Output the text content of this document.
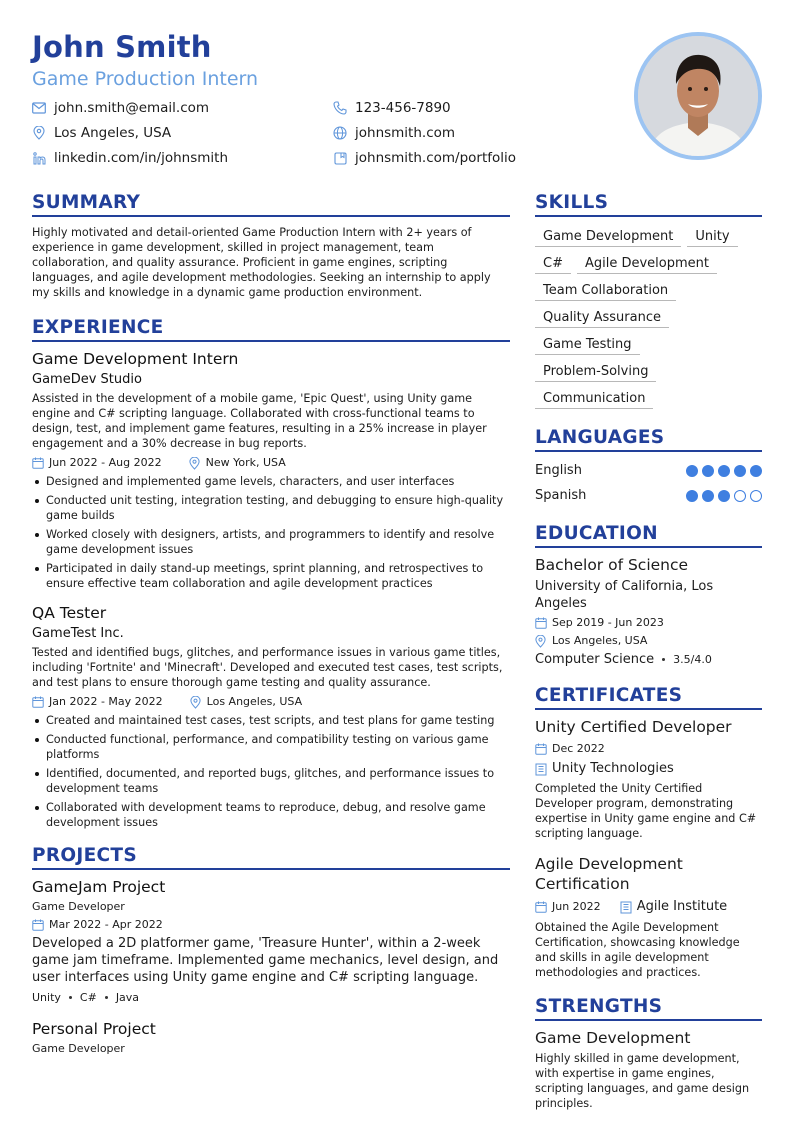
John Smith
Game Production Intern
john.smith@email.com	123-456-7890
Los Angeles, USA	johnsmith.com
linkedin.com/in/johnsmith	johnsmith.com/portfolio
SUMMARY
Highly motivated and detail-oriented Game Production Intern with 2+ years of experience in game development, skilled in project management, team collaboration, and quality assurance. Proficient in game engines, scripting languages, and agile development methodologies. Seeking an internship to apply my skills and knowledge in a dynamic game production environment.
EXPERIENCE
Game Development Intern
GameDev Studio
Assisted in the development of a mobile game, 'Epic Quest', using Unity game engine and C# scripting language. Collaborated with cross-functional teams to design, test, and implement game features, resulting in a 25% increase in player engagement and a 30% decrease in bug reports.
Jun 2022 - Aug 2022	New York, USA
Designed and implemented game levels, characters, and user interfaces
Conducted unit testing, integration testing, and debugging to ensure high-quality game builds
Worked closely with designers, artists, and programmers to identify and resolve game development issues
Participated in daily stand-up meetings, sprint planning, and retrospectives to ensure effective team collaboration and agile development practices
QA Tester
GameTest Inc.
Tested and identified bugs, glitches, and performance issues in various game titles, including 'Fortnite' and 'Minecraft'. Developed and executed test cases, test scripts, and test plans to ensure thorough game testing and quality assurance.
Jan 2022 - May 2022	Los Angeles, USA
Created and maintained test cases, test scripts, and test plans for game testing
Conducted functional, performance, and compatibility testing on various game platforms
Identified, documented, and reported bugs, glitches, and performance issues to development teams
Collaborated with development teams to reproduce, debug, and resolve game development issues
PROJECTS
GameJam Project
Game Developer
Mar 2022 - Apr 2022
Developed a 2D platformer game, 'Treasure Hunter', within a 2-week game jam timeframe. Implemented game mechanics, level design, and user interfaces using Unity game engine and C# scripting language.
Unity C# Java
Personal Project
Game Developer
SKILLS
Game Development UnityC# Agile Development
Team Collaboration
Quality Assurance
Game Testing
Problem-Solving
Communication
LANGUAGES
English
Spanish
EDUCATION
Bachelor of Science
University of California, Los Angeles
Sep 2019 - Jun 2023
Los Angeles, USA
Computer Science 3.5/4.0
CERTIFICATES
Unity Certified Developer
Dec 2022
Unity Technologies
Completed the Unity Certified Developer program, demonstrating expertise in Unity game engine and C# scripting language.
Agile Development Certification
Jun 2022	Agile Institute
Obtained the Agile Development Certification, showcasing knowledge and skills in agile development methodologies and practices.
STRENGTHS
Game Development
Highly skilled in game development, with expertise in game engines, scripting languages, and game design principles.
